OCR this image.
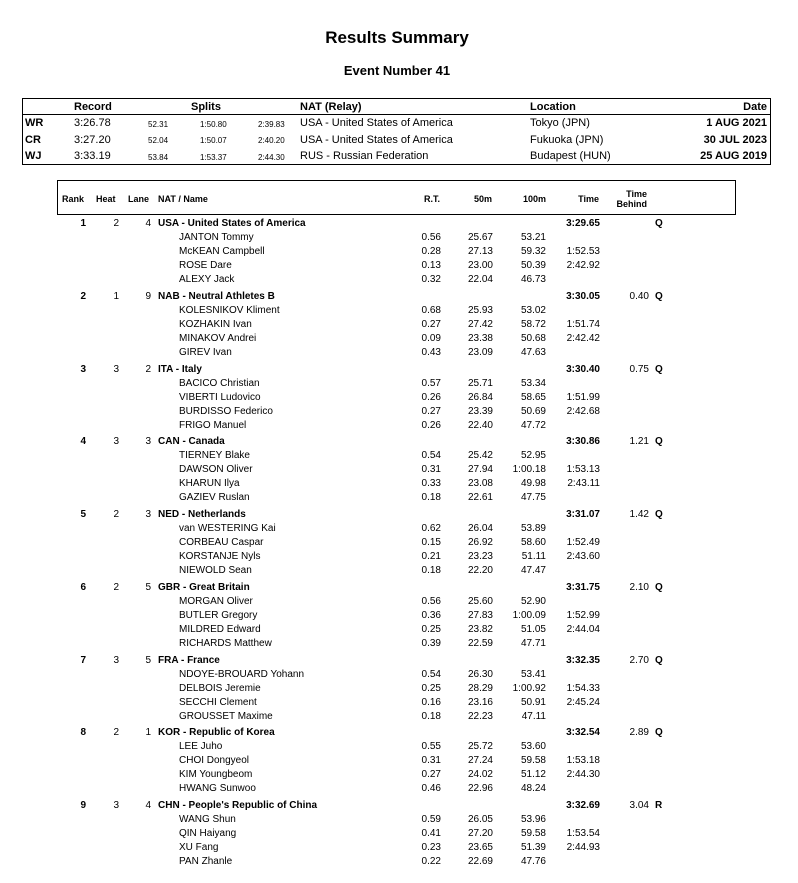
Results Summary
Event Number 41
Record	Splits	NAT (Relay)	Location	Date
WR	3:26.78	52.31	1:50.80	2:39.83 USA - United States of America	Tokyo (JPN)	1 AUG 2021
CR	3:27.20	52.04	1:50.07	2:40.20 USA - United States of America	Fukuoka (JPN)	30 JUL 2023
WJ	3:33.19	53.84	1:53.37	2:44.30 RUS - Russian Federation	Budapest (HUN)	25 AUG 2019
Rank Heat Lane NAT / Name	R.T.	50m	100m	Time	Time
Behind
1	2	4 USA - United States of America	3:29.65	Q
JANTON Tommy	0.56	25.67	53.21
McKEAN Campbell	0.28	27.13	59.32 1:52.53
ROSE Dare	0.13	23.00	50.39 2:42.92
ALEXY Jack	0.32	22.04	46.73
2	1	9 NAB - Neutral Athletes B	3:30.05	0.40 Q
KOLESNIKOV Kliment	0.68	25.93	53.02
KOZHAKIN Ivan	0.27	27.42	58.72 1:51.74
MINAKOV Andrei	0.09	23.38	50.68 2:42.42
GIREV Ivan	0.43	23.09	47.63
3	3	2 ITA - Italy	3:30.40	0.75 Q
BACICO Christian	0.57	25.71	53.34
VIBERTI Ludovico	0.26	26.84	58.65 1:51.99
BURDISSO Federico	0.27	23.39	50.69 2:42.68
FRIGO Manuel	0.26	22.40	47.72
4	3	3 CAN - Canada	3:30.86	1.21 Q
TIERNEY Blake	0.54	25.42	52.95
DAWSON Oliver	0.31	27.94 1:00.18 1:53.13
KHARUN Ilya	0.33	23.08	49.98 2:43.11
GAZIEV Ruslan	0.18	22.61	47.75
5	2	3 NED - Netherlands	3:31.07	1.42 Q
van WESTERING Kai	0.62	26.04	53.89
CORBEAU Caspar	0.15	26.92	58.60 1:52.49
KORSTANJE Nyls	0.21	23.23	51.11 2:43.60
NIEWOLD Sean	0.18	22.20	47.47
6	2	5 GBR - Great Britain	3:31.75	2.10 Q
MORGAN Oliver	0.56	25.60	52.90
BUTLER Gregory	0.36	27.83 1:00.09 1:52.99
MILDRED Edward	0.25	23.82	51.05 2:44.04
RICHARDS Matthew	0.39	22.59	47.71
7	3	5 FRA - France	3:32.35	2.70 Q
NDOYE-BROUARD Yohann	0.54	26.30	53.41
DELBOIS Jeremie	0.25	28.29 1:00.92 1:54.33
SECCHI Clement	0.16	23.16	50.91 2:45.24
GROUSSET Maxime	0.18	22.23	47.11
8	2	1 KOR - Republic of Korea	3:32.54	2.89 Q
LEE Juho	0.55	25.72	53.60
CHOI Dongyeol	0.31	27.24	59.58 1:53.18
KIM Youngbeom	0.27	24.02	51.12 2:44.30
HWANG Sunwoo	0.46	22.96	48.24
9	3	4 CHN - People's Republic of China	3:32.69	3.04 R
WANG Shun	0.59	26.05	53.96
QIN Haiyang	0.41	27.20	59.58 1:53.54
XU Fang	0.23	23.65	51.39 2:44.93
PAN Zhanle	0.22	22.69	47.76
